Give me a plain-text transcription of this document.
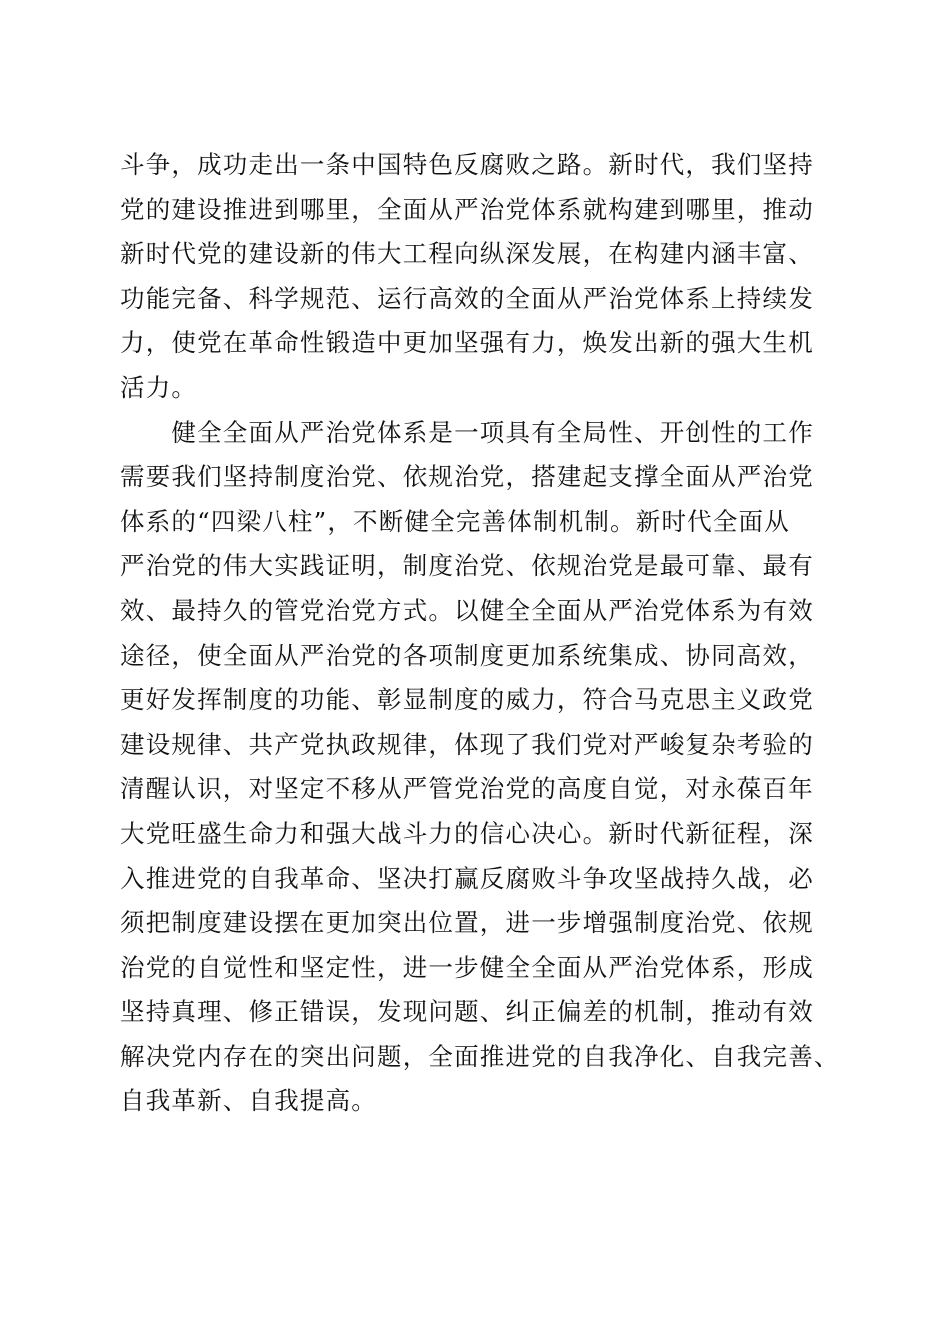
斗争，成功走出一条中国特色反腐败之路。新时代，我们坚持
党的建设推进到哪里，全面从严治党体系就构建到哪里，推动
新时代党的建设新的伟大工程向纵深发展，在构建内涵丰富、
功能完备、科学规范、运行高效的全面从严治党体系上持续发
力，使党在革命性锻造中更加坚强有力，焕发出新的强大生机
活力。
　　健全全面从严治党体系是一项具有全局性、开创性的工作
需要我们坚持制度治党、依规治党，搭建起支撑全面从严治党
体系的“四梁八柱”，不断健全完善体制机制。新时代全面从
严治党的伟大实践证明，制度治党、依规治党是最可靠、最有
效、最持久的管党治党方式。以健全全面从严治党体系为有效
途径，使全面从严治党的各项制度更加系统集成、协同高效，
更好发挥制度的功能、彰显制度的威力，符合马克思主义政党
建设规律、共产党执政规律，体现了我们党对严峻复杂考验的
清醒认识，对坚定不移从严管党治党的高度自觉，对永葆百年
大党旺盛生命力和强大战斗力的信心决心。新时代新征程，深
入推进党的自我革命、坚决打赢反腐败斗争攻坚战持久战，必
须把制度建设摆在更加突出位置，进一步增强制度治党、依规
治党的自觉性和坚定性，进一步健全全面从严治党体系，形成
坚持真理、修正错误，发现问题、纠正偏差的机制，推动有效
解决党内存在的突出问题，全面推进党的自我净化、自我完善、
自我革新、自我提高。
